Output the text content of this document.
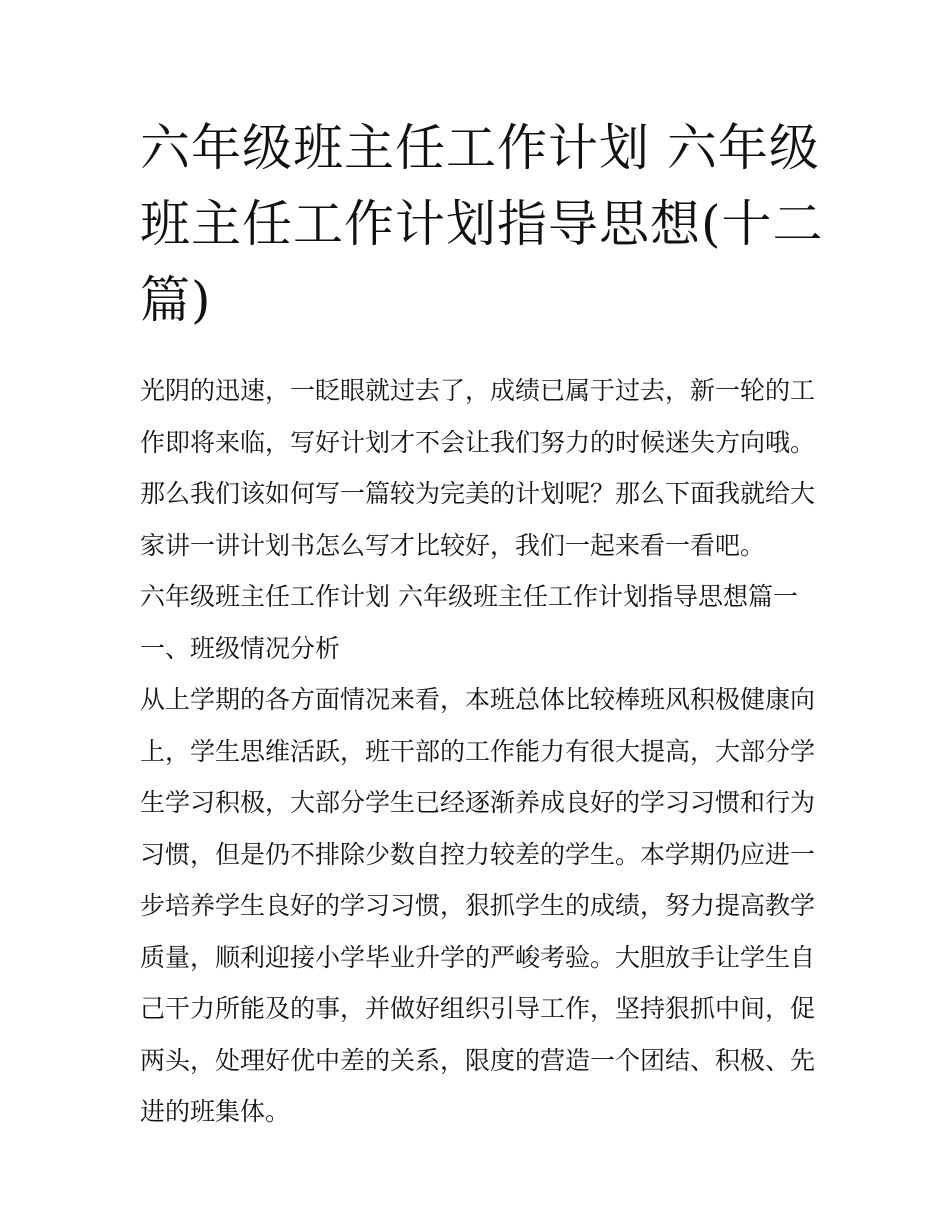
六年级班主任工作计划 六年级
班主任工作计划指导思想(十二
篇)

光阴的迅速，一眨眼就过去了，成绩已属于过去，新一轮的工
作即将来临，写好计划才不会让我们努力的时候迷失方向哦。
那么我们该如何写一篇较为完美的计划呢？那么下面我就给大
家讲一讲计划书怎么写才比较好，我们一起来看一看吧。

六年级班主任工作计划 六年级班主任工作计划指导思想篇一

一、班级情况分析

从上学期的各方面情况来看，本班总体比较棒班风积极健康向
上，学生思维活跃，班干部的工作能力有很大提高，大部分学
生学习积极，大部分学生已经逐渐养成良好的学习习惯和行为
习惯，但是仍不排除少数自控力较差的学生。本学期仍应进一
步培养学生良好的学习习惯，狠抓学生的成绩，努力提高教学
质量，顺利迎接小学毕业升学的严峻考验。大胆放手让学生自
己干力所能及的事，并做好组织引导工作，坚持狠抓中间，促
两头，处理好优中差的关系，限度的营造一个团结、积极、先
进的班集体。
